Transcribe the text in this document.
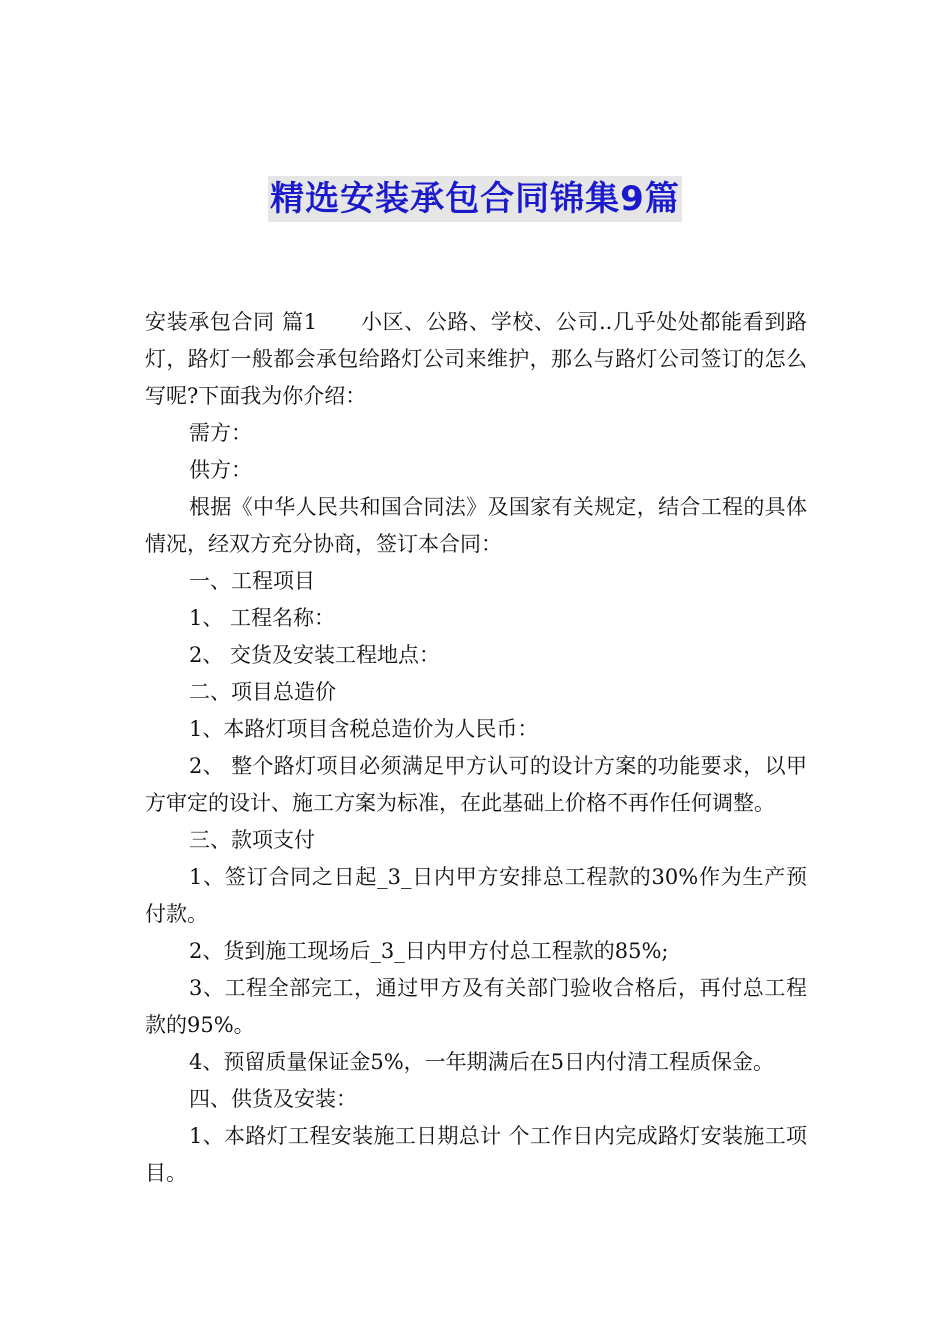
精选安装承包合同锦集9篇

安装承包合同 篇1　　小区、公路、学校、公司..几乎处处都能看到路灯，路灯一般都会承包给路灯公司来维护，那么与路灯公司签订的怎么写呢?下面我为你介绍：

需方：

供方：

根据《中华人民共和国合同法》及国家有关规定，结合工程的具体情况，经双方充分协商，签订本合同：

一、工程项目

1、 工程名称：

2、 交货及安装工程地点：

二、项目总造价

1、本路灯项目含税总造价为人民币：

2、 整个路灯项目必须满足甲方认可的设计方案的功能要求，以甲方审定的设计、施工方案为标准，在此基础上价格不再作任何调整。

三、款项支付

1、签订合同之日起_3_日内甲方安排总工程款的30%作为生产预付款。

2、货到施工现场后_3_日内甲方付总工程款的85%;

3、工程全部完工，通过甲方及有关部门验收合格后，再付总工程款的95%。

4、预留质量保证金5%，一年期满后在5日内付清工程质保金。

四、供货及安装：

1、本路灯工程安装施工日期总计 个工作日内完成路灯安装施工项目。
